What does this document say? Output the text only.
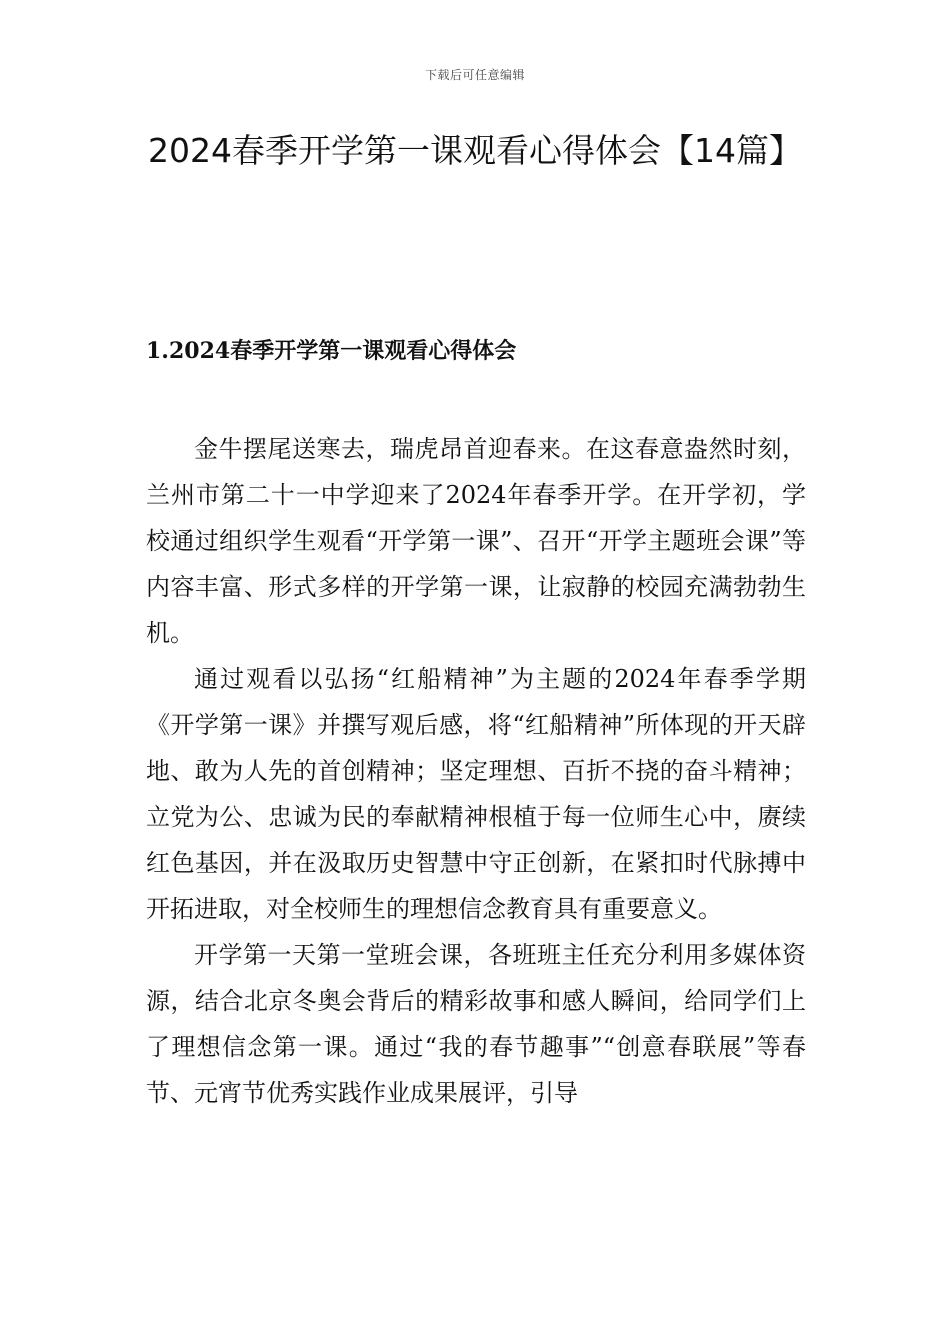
下载后可任意编辑
2024春季开学第一课观看心得体会【14篇】
1.2024春季开学第一课观看心得体会

金牛摆尾送寒去，瑞虎昂首迎春来。在这春意盎然时刻，兰州市第二十一中学迎来了2024年春季开学。在开学初，学校通过组织学生观看“开学第一课”、召开“开学主题班会课”等内容丰富、形式多样的开学第一课，让寂静的校园充满勃勃生机。

通过观看以弘扬“红船精神”为主题的2024年春季学期《开学第一课》并撰写观后感，将“红船精神”所体现的开天辟地、敢为人先的首创精神；坚定理想、百折不挠的奋斗精神；立党为公、忠诚为民的奉献精神根植于每一位师生心中，赓续红色基因，并在汲取历史智慧中守正创新，在紧扣时代脉搏中开拓进取，对全校师生的理想信念教育具有重要意义。

开学第一天第一堂班会课，各班班主任充分利用多媒体资源，结合北京冬奥会背后的精彩故事和感人瞬间，给同学们上了理想信念第一课。通过“我的春节趣事”“创意春联展”等春节、元宵节优秀实践作业成果展评，引导
